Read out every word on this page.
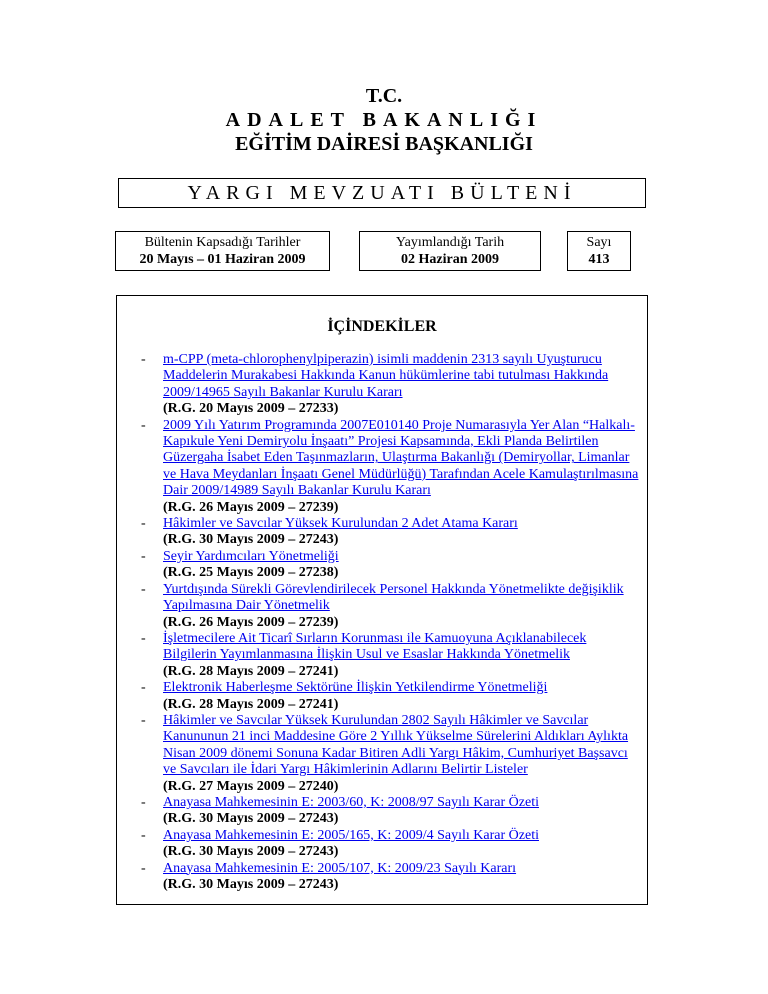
T.C.
ADALET BAKANLIĞI
EĞİTİM DAİRESİ BAŞKANLIĞI
YARGI MEVZUATI BÜLTENİ
Bültenin Kapsadığı Tarihler
20 Mayıs – 01 Haziran 2009
Yayımlandığı Tarih
02 Haziran 2009
Sayı
413
İÇİNDEKİLER
- m-CPP (meta-chlorophenylpiperazin) isimli maddenin 2313 sayılı Uyuşturucu Maddelerin Murakabesi Hakkında Kanun hükümlerine tabi tutulması Hakkında 2009/14965 Sayılı Bakanlar Kurulu Kararı
(R.G. 20 Mayıs 2009 – 27233)
- 2009 Yılı Yatırım Programında 2007E010140 Proje Numarasıyla Yer Alan “Halkalı-Kapıkule Yeni Demiryolu İnşaatı” Projesi Kapsamında, Ekli Planda Belirtilen Güzergaha İsabet Eden Taşınmazların, Ulaştırma Bakanlığı (Demiryollar, Limanlar ve Hava Meydanları İnşaatı Genel Müdürlüğü) Tarafından Acele Kamulaştırılmasına Dair 2009/14989 Sayılı Bakanlar Kurulu Kararı
(R.G. 26 Mayıs 2009 – 27239)
- Hâkimler ve Savcılar Yüksek Kurulundan 2 Adet Atama Kararı
(R.G. 30 Mayıs 2009 – 27243)
- Seyir Yardımcıları Yönetmeliği
(R.G. 25 Mayıs 2009 – 27238)
- Yurtdışında Sürekli Görevlendirilecek Personel Hakkında Yönetmelikte değişiklik Yapılmasına Dair Yönetmelik
(R.G. 26 Mayıs 2009 – 27239)
- İşletmecilere Ait Ticarî Sırların Korunması ile Kamuoyuna Açıklanabilecek Bilgilerin Yayımlanmasına İlişkin Usul ve Esaslar Hakkında Yönetmelik
(R.G. 28 Mayıs 2009 – 27241)
- Elektronik Haberleşme Sektörüne İlişkin Yetkilendirme Yönetmeliği
(R.G. 28 Mayıs 2009 – 27241)
- Hâkimler ve Savcılar Yüksek Kurulundan 2802 Sayılı Hâkimler ve Savcılar Kanununun 21 inci Maddesine Göre 2 Yıllık Yükselme Sürelerini Aldıkları Aylıkta Nisan 2009 dönemi Sonuna Kadar Bitiren Adli Yargı Hâkim, Cumhuriyet Başsavcı ve Savcıları ile İdari Yargı Hâkimlerinin Adlarını Belirtir Listeler
(R.G. 27 Mayıs 2009 – 27240)
- Anayasa Mahkemesinin E: 2003/60, K: 2008/97 Sayılı Karar Özeti
(R.G. 30 Mayıs 2009 – 27243)
- Anayasa Mahkemesinin E: 2005/165, K: 2009/4 Sayılı Karar Özeti
(R.G. 30 Mayıs 2009 – 27243)
- Anayasa Mahkemesinin E: 2005/107, K: 2009/23 Sayılı Kararı
(R.G. 30 Mayıs 2009 – 27243)
